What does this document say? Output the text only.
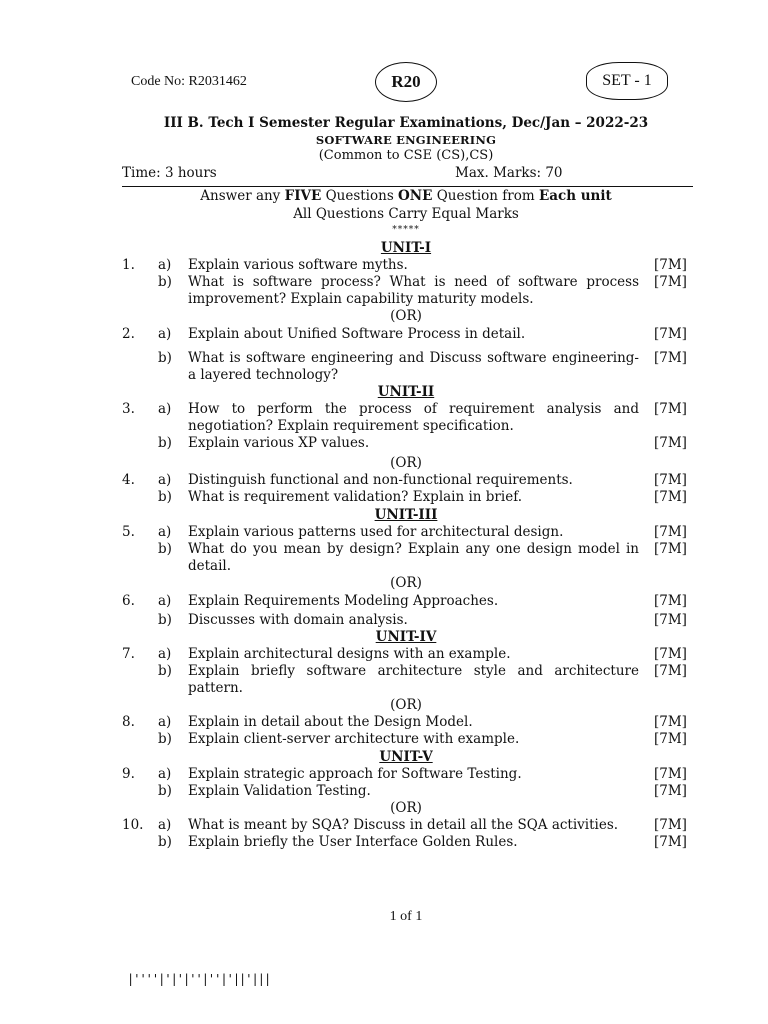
Code No: R2031462	R20	SET - 1
III B. Tech I Semester Regular Examinations, Dec/Jan – 2022-23
SOFTWARE ENGINEERING
(Common to CSE (CS),CS)
Time: 3 hours	Max. Marks: 70
Answer any FIVE Questions ONE Question from Each unit
All Questions Carry Equal Marks
*****
UNIT-I
1. a) Explain various software myths.	[7M]
b) What is software process? What is need of software process improvement? Explain capability maturity models.
[7M]
(OR)
2. a) Explain about Unified Software Process in detail.	[7M]
b) What is software engineering and Discuss software engineering-a layered technology?
[7M]
UNIT-II
3. a) How to perform the process of requirement analysis and negotiation? Explain requirement specification.
[7M]
b) Explain various XP values.	[7M]
(OR)
4. a) Distinguish functional and non-functional requirements.	[7M]
b) What is requirement validation? Explain in brief.	[7M]
UNIT-III
5. a) Explain various patterns used for architectural design.	[7M]
b) What do you mean by design? Explain any one design model in detail.
[7M]
(OR)
6. a) Explain Requirements Modeling Approaches.	[7M]
b) Discusses with domain analysis.	[7M]
UNIT-IV
7. a) Explain architectural designs with an example.	[7M]
b) Explain briefly software architecture style and architecture pattern.
[7M]
(OR)
8. a) Explain in detail about the Design Model.	[7M]
b) Explain client-server architecture with example.	[7M]
UNIT-V
9. a) Explain strategic approach for Software Testing.	[7M]
b) Explain Validation Testing.	[7M]
(OR)
10. a) What is meant by SQA? Discuss in detail all the SQA activities.	[7M]
b) Explain briefly the User Interface Golden Rules.	[7M]
1 of 1
|''''|'|'|''|''|'||'|||
